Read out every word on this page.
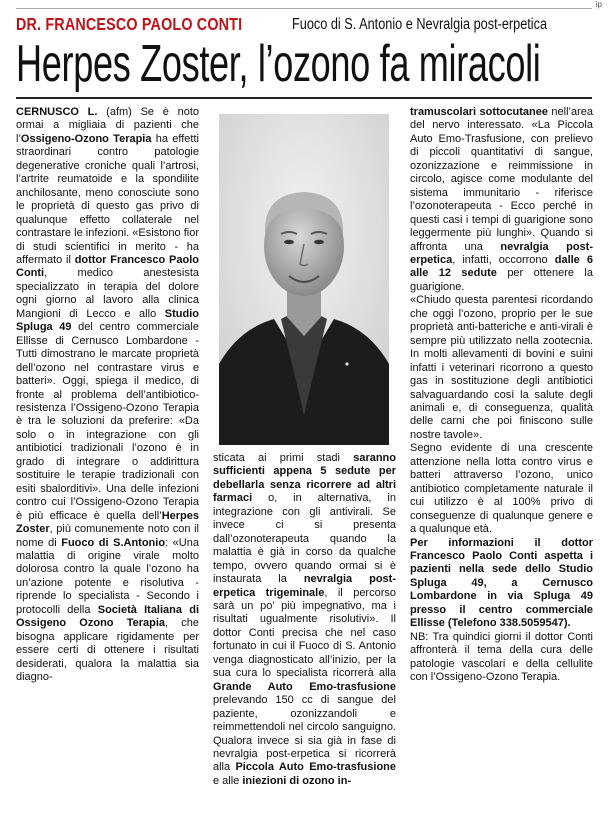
ip
DR. FRANCESCO PAOLO CONTI	Fuoco di S. Antonio e Nevralgia post-erpetica
Herpes Zoster, l’ozono fa miracoli

CERNUSCO L. (afm) Se è noto ormai a migliaia di pazienti che l’Ossigeno-Ozono Terapia ha effetti straordinari contro patologie degenerative croniche quali l’artrosi, l’artrite reumatoide e la spondilite anchilosante, meno conosciute sono le proprietà di questo gas privo di qualunque effetto collaterale nel contrastare le infezioni. «Esistono fior di studi scientifici in merito - ha affermato il dottor Francesco Paolo Conti, medico anestesista specializzato in terapia del dolore ogni giorno al lavoro alla clinica Mangioni di Lecco e allo Studio Spluga 49 del centro commerciale Ellisse di Cernusco Lombardone - Tutti dimostrano le marcate proprietà dell’ozono nel contrastare virus e batteri». Oggi, spiega il medico, di fronte al problema dell’antibiotico-resistenza l’Ossigeno-Ozono Terapia è tra le soluzioni da preferire: «Da solo o in integrazione con gli antibiotici tradizionali l’ozono è in grado di integrare o addirittura sostituire le terapie tradizionali con esiti sbalorditivi». Una delle infezioni contro cui l’Ossigeno-Ozono Terapia è più efficace è quella dell’Herpes Zoster, più comunemente noto con il nome di Fuoco di S.Antonio: «Una malattia di origine virale molto dolorosa contro la quale l’ozono ha un’azione potente e risolutiva - riprende lo specialista - Secondo i protocolli della Società Italiana di Ossigeno Ozono Terapia, che bisogna applicare rigidamente per essere certi di ottenere i risultati desiderati, qualora la malattia sia diagno-

sticata ai primi stadi saranno sufficienti appena 5 sedute per debellarla senza ricorrere ad altri farmaci o, in alternativa, in integrazione con gli antivirali. Se invece ci si presenta dall’ozonoterapeuta quando la malattia è già in corso da qualche tempo, ovvero quando ormai si è instaurata la nevralgia post-erpetica trigeminale, il percorso sarà un po’ più impegnativo, ma i risultati ugualmente risolutivi». Il dottor Conti precisa che nel caso fortunato in cui il Fuoco di S. Antonio venga diagnosticato all’inizio, per la sua cura lo specialista ricorrerà alla Grande Auto Emo-trasfusione prelevando 150 cc di sangue del paziente, ozonizzandoli e reimmettendoli nel circolo sanguigno. Qualora invece si sia già in fase di nevralgia post-erpetica si ricorrerà alla Piccola Auto Emo-trasfusione e alle iniezioni di ozono in-

tramuscolari sottocutanee nell’area del nervo interessato. «La Piccola Auto Emo-Trasfusione, con prelievo di piccoli quantitativi di sangue, ozonizzazione e reimmissione in circolo, agisce come modulante del sistema immunitario - riferisce l’ozonoterapeuta - Ecco perché in questi casi i tempi di guarigione sono leggermente più lunghi». Quando si affronta una nevralgia post-erpetica, infatti, occorrono dalle 6 alle 12 sedute per ottenere la guarigione.

«Chiudo questa parentesi ricordando che oggi l’ozono, proprio per le sue proprietà anti-batteriche e anti-virali è sempre più utilizzato nella zootecnia. In molti allevamenti di bovini e suini infatti i veterinari ricorrono a questo gas in sostituzione degli antibiotici salvaguardando così la salute degli animali e, di conseguenza, qualità delle carni che poi finiscono sulle nostre tavole».

Segno evidente di una crescente attenzione nella lotta contro virus e batteri attraverso l’ozono, unico antibiotico completamente naturale il cui utilizzo è al 100% privo di conseguenze di qualunque genere e a qualunque età.

Per informazioni il dottor Francesco Paolo Conti aspetta i pazienti nella sede dello Studio Spluga 49, a Cernusco Lombardone in via Spluga 49 presso il centro commerciale Ellisse (Telefono 338.5059547).

NB: Tra quindici giorni il dottor Conti affronterà il tema della cura delle patologie vascolari e della cellulite con l’Ossigeno-Ozono Terapia.
